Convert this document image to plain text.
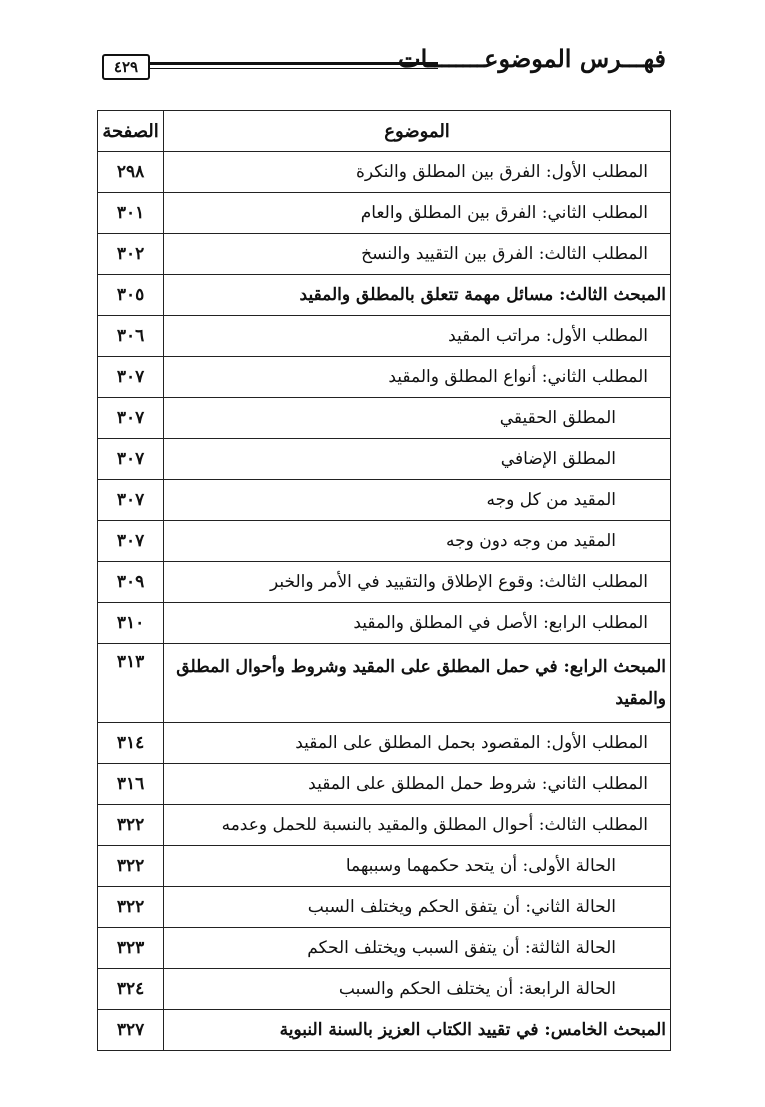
فهـــرس الموضوعــــــــات
٤٢٩
الموضوع	الصفحة
المطلب الأول: الفرق بين المطلق والنكرة	٢٩٨
المطلب الثاني: الفرق بين المطلق والعام	٣٠١
المطلب الثالث: الفرق بين التقييد والنسخ	٣٠٢
المبحث الثالث: مسائل مهمة تتعلق بالمطلق والمقيد	٣٠٥
المطلب الأول: مراتب المقيد	٣٠٦
المطلب الثاني: أنواع المطلق والمقيد	٣٠٧
المطلق الحقيقي	٣٠٧
المطلق الإضافي	٣٠٧
المقيد من كل وجه	٣٠٧
المقيد من وجه دون وجه	٣٠٧
المطلب الثالث: وقوع الإطلاق والتقييد في الأمر والخبر	٣٠٩
المطلب الرابع: الأصل في المطلق والمقيد	٣١٠
المبحث الرابع: في حمل المطلق على المقيد وشروط وأحوال المطلق والمقيد	٣١٣
المطلب الأول: المقصود بحمل المطلق على المقيد	٣١٤
المطلب الثاني: شروط حمل المطلق على المقيد	٣١٦
المطلب الثالث: أحوال المطلق والمقيد بالنسبة للحمل وعدمه	٣٢٢
الحالة الأولى: أن يتحد حكمهما وسببهما	٣٢٢
الحالة الثاني: أن يتفق الحكم ويختلف السبب	٣٢٢
الحالة الثالثة: أن يتفق السبب ويختلف الحكم	٣٢٣
الحالة الرابعة: أن يختلف الحكم والسبب	٣٢٤
المبحث الخامس: في تقييد الكتاب العزيز بالسنة النبوية	٣٢٧
